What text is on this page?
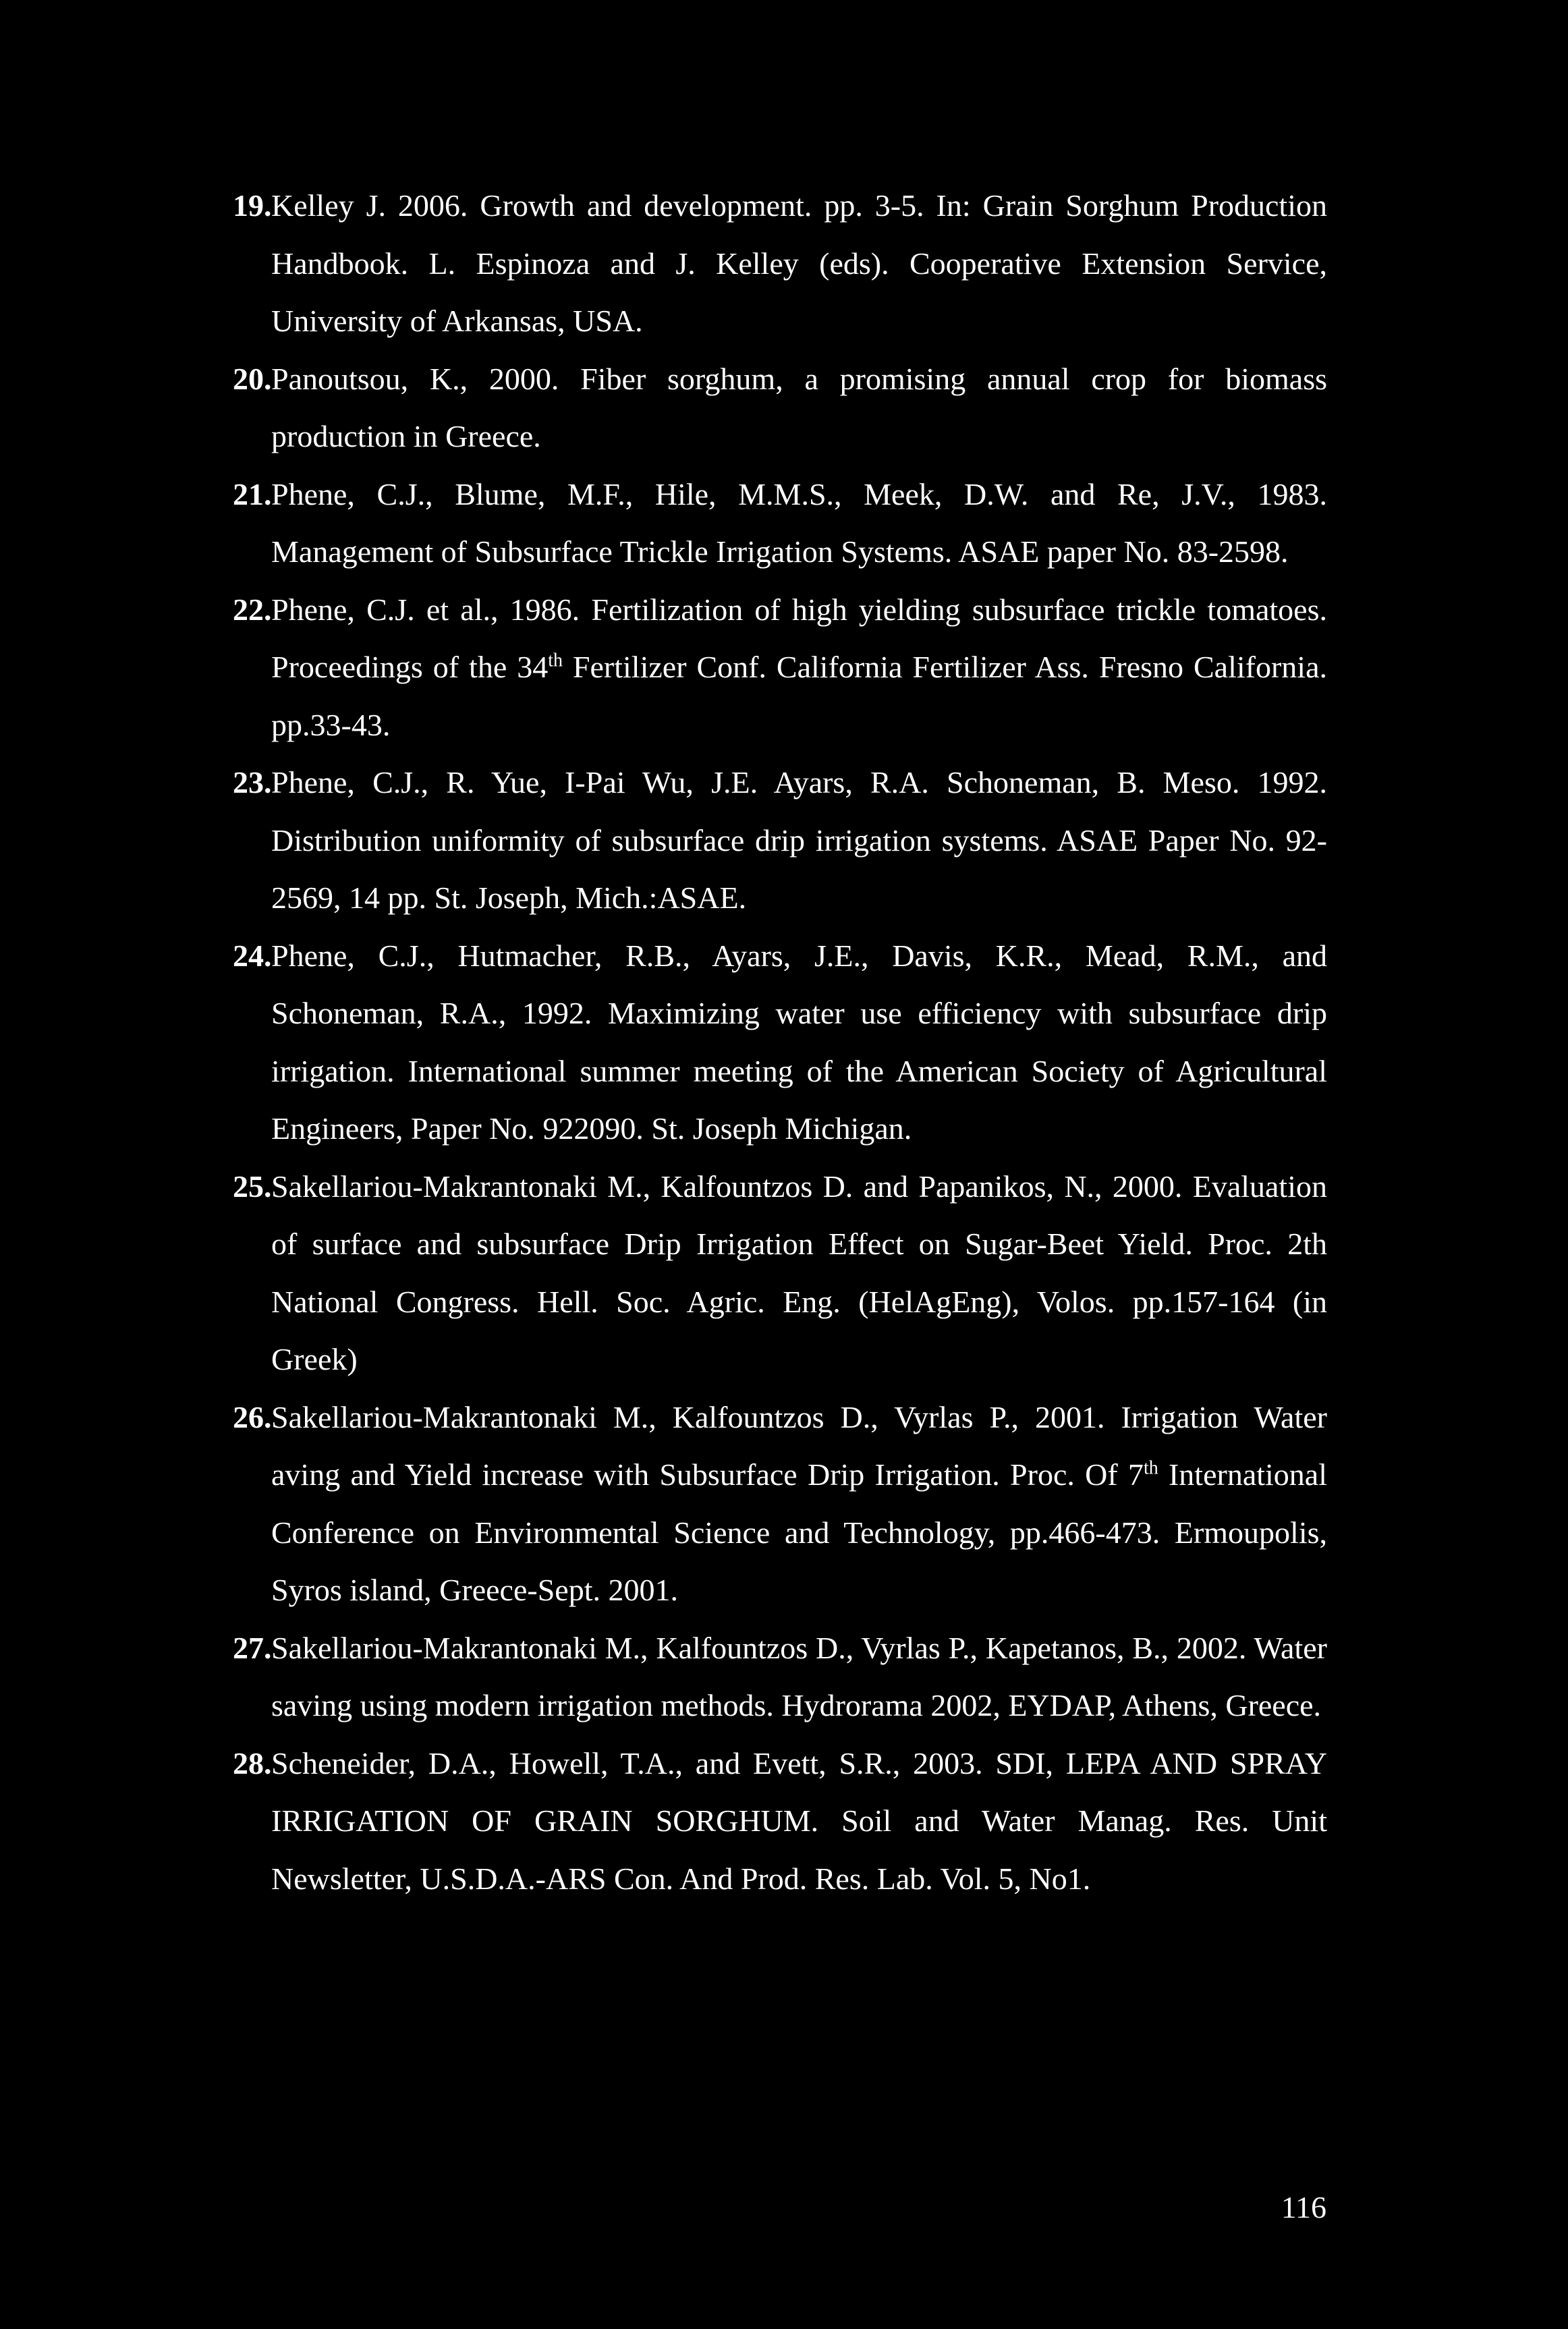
19. Kelley J. 2006. Growth and development. pp. 3-5. In: Grain Sorghum Production Handbook. L. Espinoza and J. Kelley (eds). Cooperative Extension Service, University of Arkansas, USA.
20. Panoutsou, K., 2000. Fiber sorghum, a promising annual crop for biomass production in Greece.
21. Phene, C.J., Blume, M.F., Hile, M.M.S., Meek, D.W. and Re, J.V., 1983. Management of Subsurface Trickle Irrigation Systems. ASAE paper No. 83-2598.
22. Phene, C.J. et al., 1986. Fertilization of high yielding subsurface trickle tomatoes. Proceedings of the 34th Fertilizer Conf. California Fertilizer Ass. Fresno California. pp.33-43.
23. Phene, C.J., R. Yue, I-Pai Wu, J.E. Ayars, R.A. Schoneman, B. Meso. 1992. Distribution uniformity of subsurface drip irrigation systems. ASAE Paper No. 92-2569, 14 pp. St. Joseph, Mich.:ASAE.
24. Phene, C.J., Hutmacher, R.B., Ayars, J.E., Davis, K.R., Mead, R.M., and Schoneman, R.A., 1992. Maximizing water use efficiency with subsurface drip irrigation. International summer meeting of the American Society of Agricultural Engineers, Paper No. 922090. St. Joseph Michigan.
25. Sakellariou-Makrantonaki M., Kalfountzos D. and Papanikos, N., 2000. Evaluation of surface and subsurface Drip Irrigation Effect on Sugar-Beet Yield. Proc. 2th National Congress. Hell. Soc. Agric. Eng. (HelAgEng), Volos. pp.157-164 (in Greek)
26. Sakellariou-Makrantonaki M., Kalfountzos D., Vyrlas P., 2001. Irrigation Water aving and Yield increase with Subsurface Drip Irrigation. Proc. Of 7th International Conference on Environmental Science and Technology, pp.466-473. Ermoupolis, Syros island, Greece-Sept. 2001.
27. Sakellariou-Makrantonaki M., Kalfountzos D., Vyrlas P., Kapetanos, B., 2002. Water saving using modern irrigation methods. Hydrorama 2002, EYDAP, Athens, Greece.
28. Scheneider, D.A., Howell, T.A., and Evett, S.R., 2003. SDI, LEPA AND SPRAY IRRIGATION OF GRAIN SORGHUM. Soil and Water Manag. Res. Unit Newsletter, U.S.D.A.-ARS Con. And Prod. Res. Lab. Vol. 5, No1.
116
